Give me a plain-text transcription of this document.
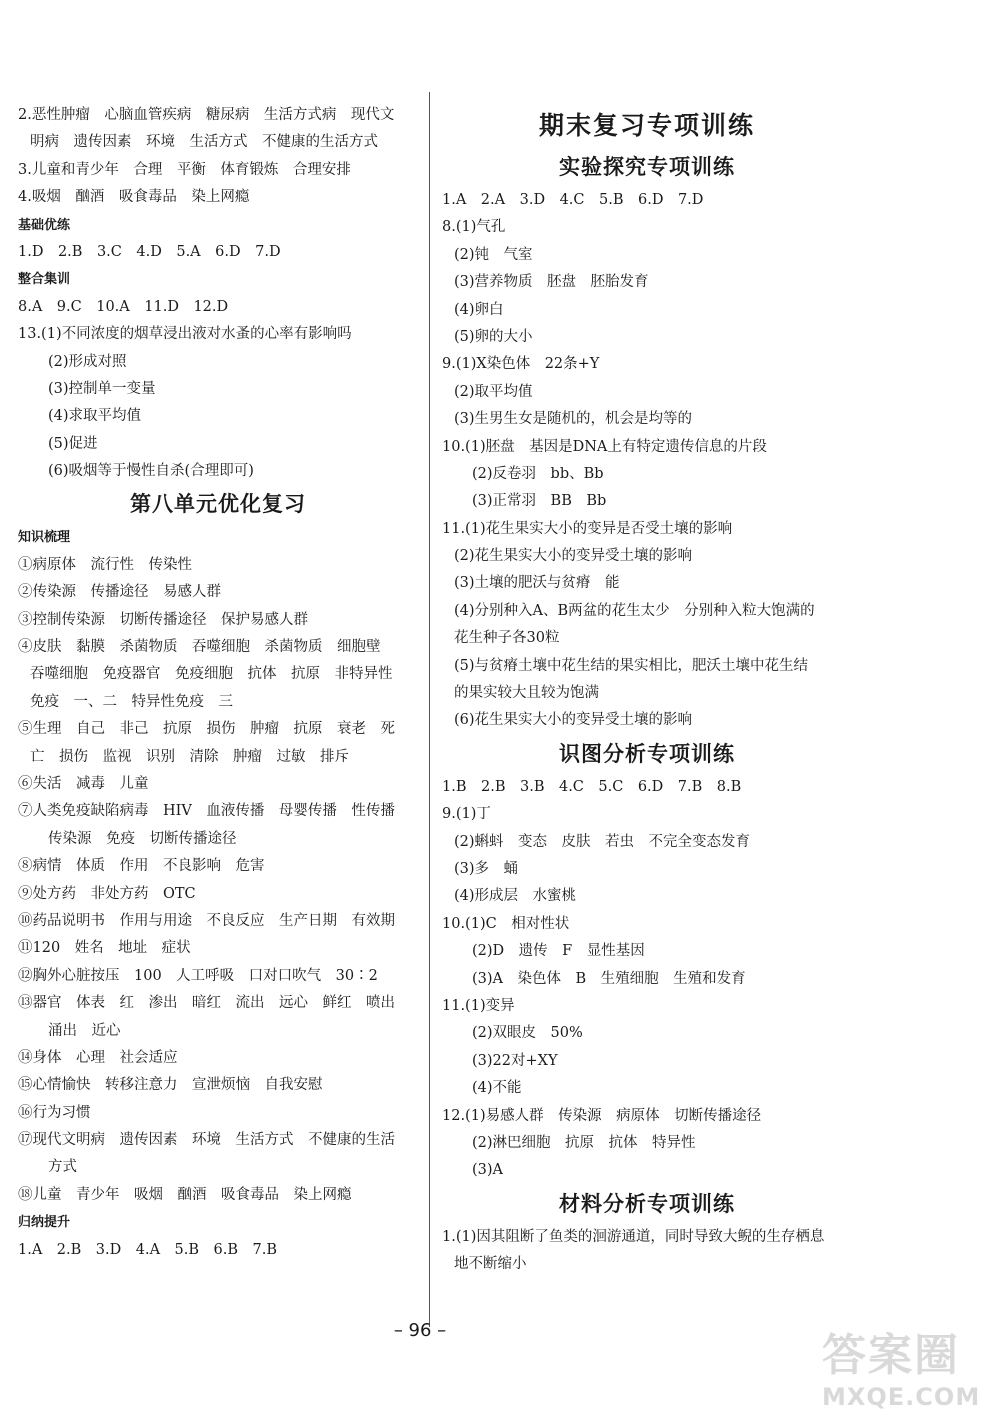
2.恶性肿瘤　心脑血管疾病　糖尿病　生活方式病　现代文
明病　遗传因素　环境　生活方式　不健康的生活方式
3.儿童和青少年　合理　平衡　体育锻炼　合理安排
4.吸烟　酗酒　吸食毒品　染上网瘾
基础优练
1.D　2.B　3.C　4.D　5.A　6.D　7.D
整合集训
8.A　9.C　10.A　11.D　12.D
13.(1)不同浓度的烟草浸出液对水蚤的心率有影响吗
(2)形成对照
(3)控制单一变量
(4)求取平均值
(5)促进
(6)吸烟等于慢性自杀(合理即可)
第八单元优化复习
知识梳理
①病原体　流行性　传染性
②传染源　传播途径　易感人群
③控制传染源　切断传播途径　保护易感人群
④皮肤　黏膜　杀菌物质　吞噬细胞　杀菌物质　细胞壁
吞噬细胞　免疫器官　免疫细胞　抗体　抗原　非特异性
免疫　一、二　特异性免疫　三
⑤生理　自己　非己　抗原　损伤　肿瘤　抗原　衰老　死
亡　损伤　监视　识别　清除　肿瘤　过敏　排斥
⑥失活　减毒　儿童
⑦人类免疫缺陷病毒　HIV　血液传播　母婴传播　性传播
传染源　免疫　切断传播途径
⑧病情　体质　作用　不良影响　危害
⑨处方药　非处方药　OTC
⑩药品说明书　作用与用途　不良反应　生产日期　有效期
⑪120　姓名　地址　症状
⑫胸外心脏按压　100　人工呼吸　口对口吹气　30∶2
⑬器官　体表　红　渗出　暗红　流出　远心　鲜红　喷出
涌出　近心
⑭身体　心理　社会适应
⑮心情愉快　转移注意力　宣泄烦恼　自我安慰
⑯行为习惯
⑰现代文明病　遗传因素　环境　生活方式　不健康的生活
方式
⑱儿童　青少年　吸烟　酗酒　吸食毒品　染上网瘾
归纳提升
1.A　2.B　3.D　4.A　5.B　6.B　7.B
期末复习专项训练
实验探究专项训练
1.A　2.A　3.D　4.C　5.B　6.D　7.D
8.(1)气孔
(2)钝　气室
(3)营养物质　胚盘　胚胎发育
(4)卵白
(5)卵的大小
9.(1)X染色体　22条+Y
(2)取平均值
(3)生男生女是随机的，机会是均等的
10.(1)胚盘　基因是DNA上有特定遗传信息的片段
(2)反卷羽　bb、Bb
(3)正常羽　BB　Bb
11.(1)花生果实大小的变异是否受土壤的影响
(2)花生果实大小的变异受土壤的影响
(3)土壤的肥沃与贫瘠　能
(4)分别种入A、B两盆的花生太少　分别种入粒大饱满的
花生种子各30粒
(5)与贫瘠土壤中花生结的果实相比，肥沃土壤中花生结
的果实较大且较为饱满
(6)花生果实大小的变异受土壤的影响
识图分析专项训练
1.B　2.B　3.B　4.C　5.C　6.D　7.B　8.B
9.(1)丁
(2)蝌蚪　变态　皮肤　若虫　不完全变态发育
(3)多　蛹
(4)形成层　水蜜桃
10.(1)C　相对性状
(2)D　遗传　F　显性基因
(3)A　染色体　B　生殖细胞　生殖和发育
11.(1)变异
(2)双眼皮　50%
(3)22对+XY
(4)不能
12.(1)易感人群　传染源　病原体　切断传播途径
(2)淋巴细胞　抗原　抗体　特异性
(3)A
材料分析专项训练
1.(1)因其阻断了鱼类的洄游通道，同时导致大鲵的生存栖息
地不断缩小
– 96 –	答案圈
MXQE.COM
